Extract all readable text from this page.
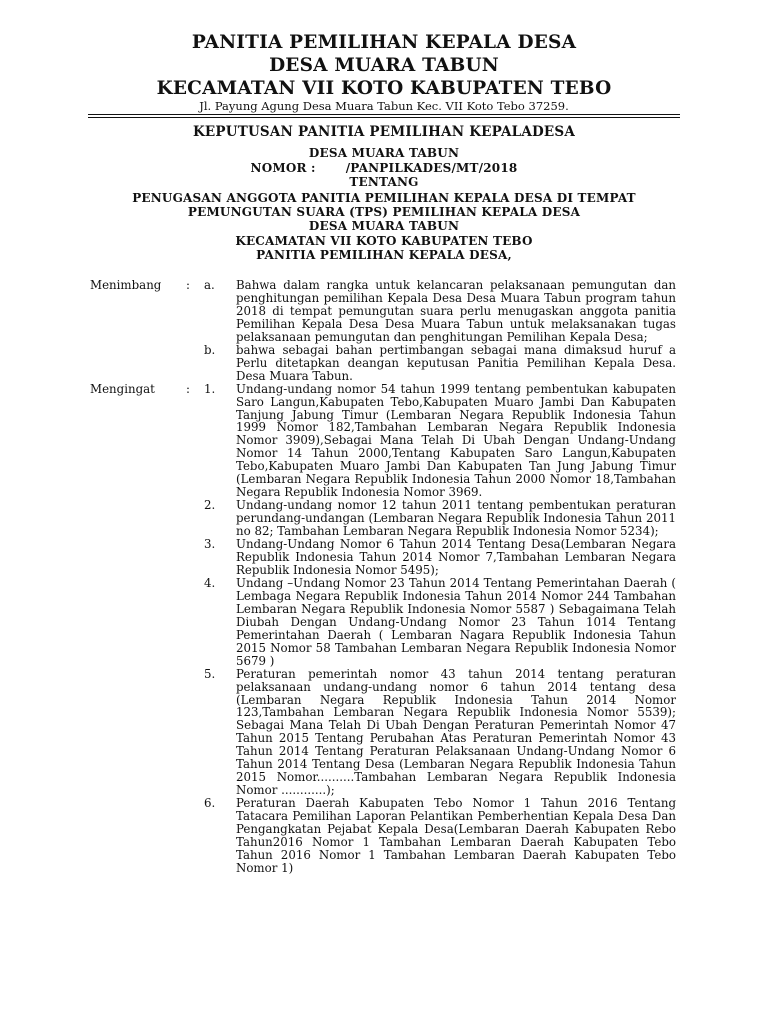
PANITIA PEMILIHAN KEPALA DESA
DESA MUARA TABUN
KECAMATAN VII KOTO KABUPATEN TEBO
Jl. Payung Agung Desa Muara Tabun Kec. VII Koto Tebo 37259.
KEPUTUSAN PANITIA PEMILIHAN KEPALADESA
DESA MUARA TABUN
NOMOR :	/PANPILKADES/MT/2018
TENTANG
PENUGASAN ANGGOTA PANITIA PEMILIHAN KEPALA DESA DI TEMPAT
PEMUNGUTAN SUARA (TPS) PEMILIHAN KEPALA DESA
DESA MUARA TABUN
KECAMATAN VII KOTO KABUPATEN TEBO
PANITIA PEMILIHAN KEPALA DESA,
Menimbang	:	a.	Bahwa dalam rangka untuk kelancaran pelaksanaan pemungutan dan penghitungan pemilihan Kepala Desa Desa Muara Tabun program tahun 2018 di tempat pemungutan suara perlu menugaskan anggota panitia Pemilihan Kepala Desa Desa Muara Tabun untuk melaksanakan tugas pelaksanaan pemungutan dan penghitungan Pemilihan Kepala Desa;
b.	bahwa sebagai bahan pertimbangan sebagai mana dimaksud huruf a Perlu ditetapkan deangan keputusan Panitia Pemilihan Kepala Desa. Desa Muara Tabun.
Mengingat	:	1.	Undang-undang nomor 54 tahun 1999 tentang pembentukan kabupaten Saro Langun,Kabupaten Tebo,Kabupaten Muaro Jambi Dan Kabupaten Tanjung Jabung Timur (Lembaran Negara Republik Indonesia Tahun 1999 Nomor 182,Tambahan Lembaran Negara Republik Indonesia Nomor 3909),Sebagai Mana Telah Di Ubah Dengan Undang-Undang Nomor 14 Tahun 2000,Tentang Kabupaten Saro Langun,Kabupaten Tebo,Kabupaten Muaro Jambi Dan Kabupaten Tan Jung Jabung Timur (Lembaran Negara Republik Indonesia Tahun 2000 Nomor 18,Tambahan Negara Republik Indonesia Nomor 3969.
2.	Undang-undang nomor 12 tahun 2011 tentang pembentukan peraturan perundang-undangan (Lembaran Negara Republik Indonesia Tahun 2011 no 82; Tambahan Lembaran Negara Republik Indonesia Nomor 5234);
3.	Undang-Undang Nomor 6 Tahun 2014 Tentang Desa(Lembaran Negara Republik Indonesia Tahun 2014 Nomor 7,Tambahan Lembaran Negara Republik Indonesia Nomor 5495);
4.	Undang –Undang Nomor 23 Tahun 2014 Tentang Pemerintahan Daerah ( Lembaga Negara Republik Indonesia Tahun 2014 Nomor 244 Tambahan Lembaran Negara Republik Indonesia Nomor 5587 ) Sebagaimana Telah Diubah Dengan Undang-Undang Nomor 23 Tahun 1014 Tentang Pemerintahan Daerah ( Lembaran Nagara Republik Indonesia Tahun 2015 Nomor 58 Tambahan Lembaran Negara Republik Indonesia Nomor 5679 )
5.	Peraturan pemerintah nomor 43 tahun 2014 tentang peraturan pelaksanaan undang-undang nomor 6 tahun 2014 tentang desa (Lembaran Negara Republik Indonesia Tahun 2014 Nomor 123,Tambahan Lembaran Negara Republik Indonesia Nomor 5539); Sebagai Mana Telah Di Ubah Dengan Peraturan Pemerintah Nomor 47 Tahun 2015 Tentang Perubahan Atas Peraturan Pemerintah Nomor 43 Tahun 2014 Tentang Peraturan Pelaksanaan Undang-Undang Nomor 6 Tahun 2014 Tentang Desa (Lembaran Negara Republik Indonesia Tahun 2015 Nomor..........Tambahan Lembaran Negara Republik Indonesia Nomor ............);
6.	Peraturan Daerah Kabupaten Tebo Nomor 1 Tahun 2016 Tentang Tatacara Pemilihan Laporan Pelantikan Pemberhentian Kepala Desa Dan Pengangkatan Pejabat Kepala Desa(Lembaran Daerah Kabupaten Rebo Tahun2016 Nomor 1 Tambahan Lembaran Daerah Kabupaten Tebo Tahun 2016 Nomor 1 Tambahan Lembaran Daerah Kabupaten Tebo Nomor 1)
